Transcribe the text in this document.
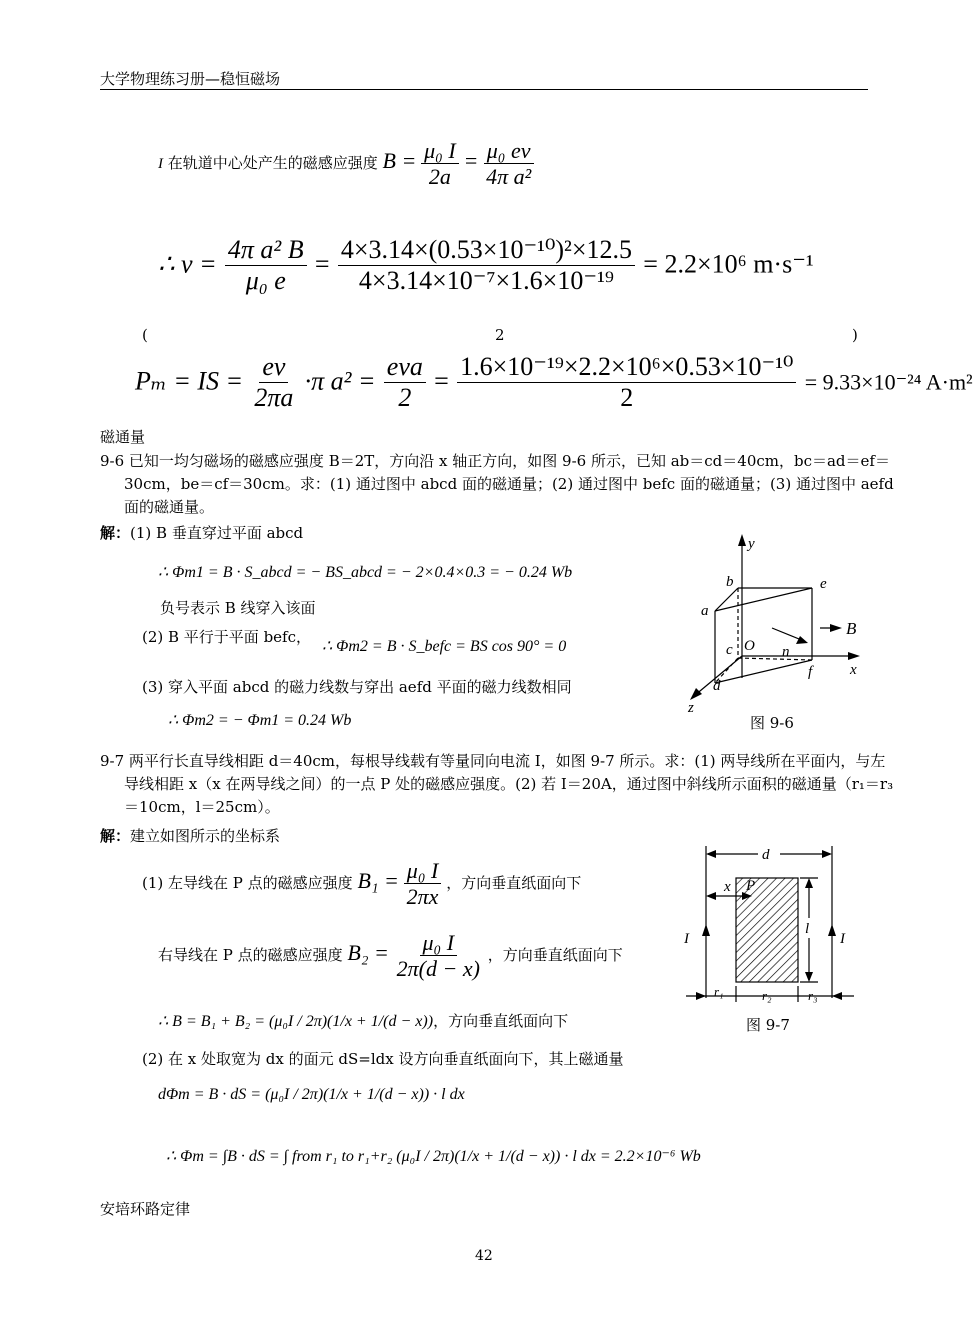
大学物理练习册—稳恒磁场
I 在轨道中心处产生的磁感应强度 $B = \frac{\text{μ₀ I}}{2a} = \frac{\text{μ₀ ev}}{\text{4π a²}}$
∴ $v = \frac{\text{4π a² B}}{\text{μ₀ e}} = \frac{\text{4×3.14×(0.53×10⁻¹⁰)²×12.5}}{\text{4×3.14×10⁻⁷×1.6×10⁻¹⁹}} = 2.2\times 10^6$ m·s⁻¹
(	2	)
Pₘ = IS = $\frac{ev}{2\pi a} \cdot\pi$ $a^2 = \frac{\text{eva}}{2} = \frac{\text{1.6×10⁻¹⁹×2.2×10⁶×0.53×10⁻¹⁰}}{2} = 9.33\times 10^{-24}$ A·m²
磁通量
9-6 已知一均匀磁场的磁感应强度 B＝2T，方向沿 x 轴正方向，如图 9-6 所示，已知 ab＝cd＝40cm，bc＝ad＝ef＝30cm，be＝cf＝30cm。求：(1) 通过图中 abcd 面的磁通量；(2) 通过图中 befc 面的磁通量；(3) 通过图中 aefd 面的磁通量。
解：(1) B 垂直穿过平面 abcd
∴ Φm1 = B · S_abcd = − BS_abcd = − 2×0.4×0.3 = − 0.24 Wb
负号表示 B 线穿入该面
(2) B 平行于平面 befc，
∴ Φm2 = B · S_befc = BS cos 90° = 0
(3) 穿入平面 abcd 的磁力线数与穿出 aefd 平面的磁力线数相同
∴ Φm2 = − Φm1 = 0.24 Wb
y
x
z
B
O n
a
b
c
d
e
f
图 9-6
9-7 两平行长直导线相距 d＝40cm，每根导线载有等量同向电流 I，如图 9-7 所示。求：(1) 两导线所在平面内，与左导线相距 x（x 在两导线之间）的一点 P 处的磁感应强度。(2) 若 I＝20A，通过图中斜线所示面积的磁通量（r₁＝r₃＝10cm，l＝25cm）。
解：建立如图所示的坐标系
(1) 左导线在 P 点的磁感应强度 $B_1 = \frac{\text{μ₀ I}}{2\pi x}$ ，方向垂直纸面向下
右导线在 P 点的磁感应强度 $B_2 = \frac{\text{μ₀ I}}{2\pi(d - x)}$ ，方向垂直纸面向下
∴ B = B₁ + B₂ = (μ₀I / 2π)(1/x + 1/(d − x))，方向垂直纸面向下
(2) 在 x 处取宽为 dx 的面元 dS=ldx 设方向垂直纸面向下，其上磁通量
dΦm = B · dS = (μ₀I / 2π)(1/x + 1/(d − x)) · l dx
∴ Φm = ∫B · dS = ∫ from r₁ to r₁+r₂ (μ₀I / 2π)(1/x + 1/(d − x)) · l dx = 2.2×10⁻⁶ Wb
d
x P
l
I	I
r₁	r₂	r₃
图 9-7
安培环路定律
42
